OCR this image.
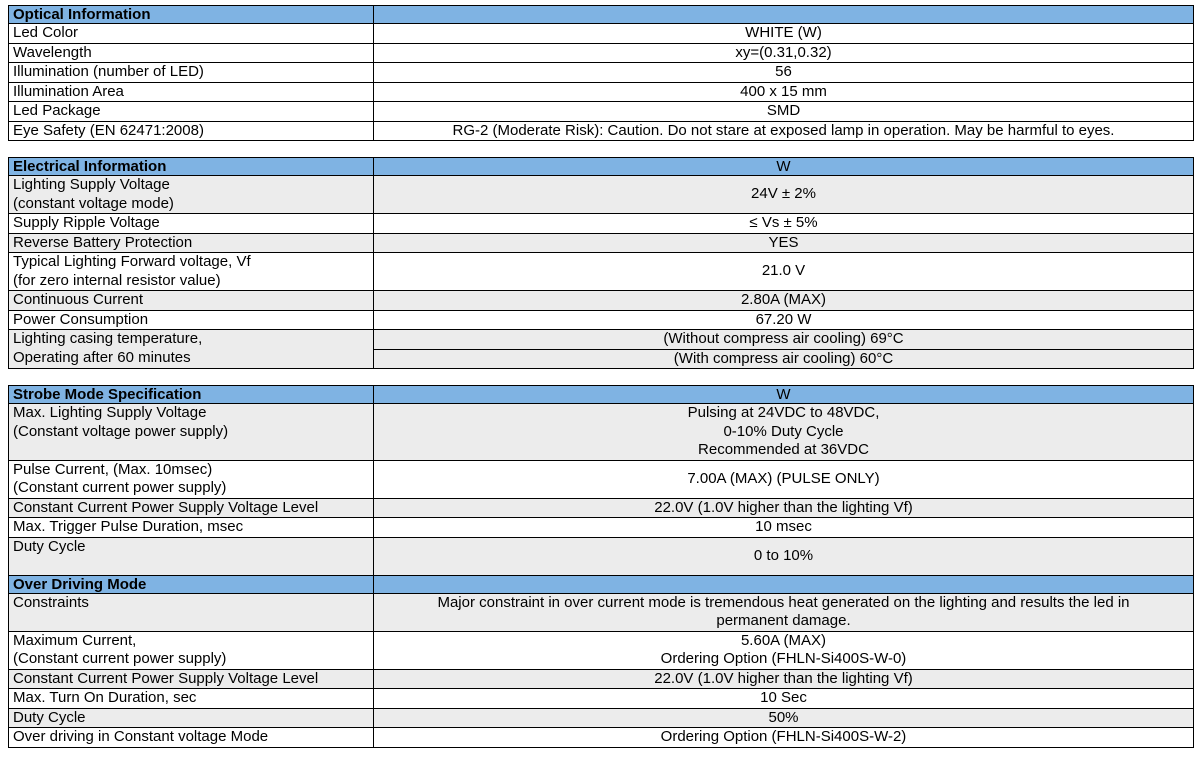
Optical Information	
Led Color	WHITE (W)
Wavelength	xy=(0.31,0.32)
Illumination (number of LED)	56
Illumination Area	400 x 15 mm
Led Package	SMD
Eye Safety (EN 62471:2008)	RG-2 (Moderate Risk): Caution. Do not stare at exposed lamp in operation. May be harmful to eyes.
Electrical Information	W

Lighting Supply Voltage
(constant voltage mode)	24V ± 2%
Supply Ripple Voltage	≤ Vs ± 5%
Reverse Battery Protection	YES

Typical Lighting Forward voltage, Vf
(for zero internal resistor value)	21.0 V
Continuous Current	2.80A (MAX)
Power Consumption	67.20 W

Lighting casing temperature,
Operating after 60 minutes	(Without compress air cooling) 69°C
	(With compress air cooling) 60°C
Strobe Mode Specification	W

Max. Lighting Supply Voltage
(Constant voltage power supply)	Pulsing at 24VDC to 48VDC,
0-10% Duty Cycle
Recommended at 36VDC

Pulse Current, (Max. 10msec)
(Constant current power supply)	7.00A (MAX) (PULSE ONLY)
Constant Current Power Supply Voltage Level	22.0V (1.0V higher than the lighting Vf)
Max. Trigger Pulse Duration, msec	10 msec
Duty Cycle	0 to 10%
Over Driving Mode	
Constraints	Major constraint in over current mode is tremendous heat generated on the lighting and results the led in
permanent damage.

Maximum Current,
(Constant current power supply)	5.60A (MAX)
Ordering Option (FHLN-Si400S-W-0)

Constant Current Power Supply Voltage Level	22.0V (1.0V higher than the lighting Vf)
Max. Turn On Duration, sec	10 Sec
Duty Cycle	50%
Over driving in Constant voltage Mode	Ordering Option (FHLN-Si400S-W-2)
